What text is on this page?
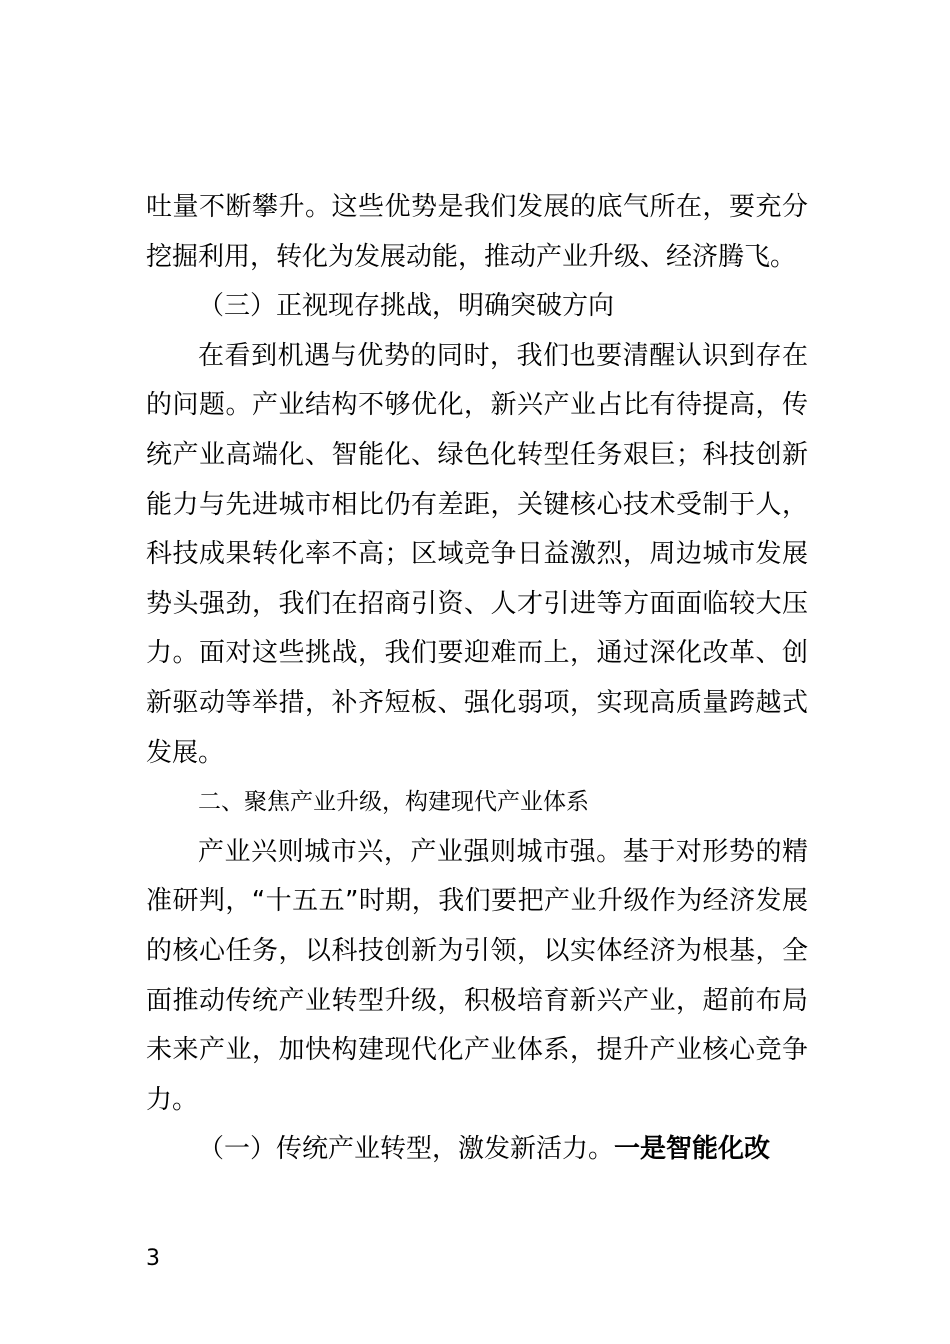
吐量不断攀升。这些优势是我们发展的底气所在，要充分挖掘利用，转化为发展动能，推动产业升级、经济腾飞。

（三）正视现存挑战，明确突破方向

在看到机遇与优势的同时，我们也要清醒认识到存在的问题。产业结构不够优化，新兴产业占比有待提高，传统产业高端化、智能化、绿色化转型任务艰巨；科技创新能力与先进城市相比仍有差距，关键核心技术受制于人，科技成果转化率不高；区域竞争日益激烈，周边城市发展势头强劲，我们在招商引资、人才引进等方面面临较大压力。面对这些挑战，我们要迎难而上，通过深化改革、创新驱动等举措，补齐短板、强化弱项，实现高质量跨越式发展。

二、聚焦产业升级，构建现代产业体系

产业兴则城市兴，产业强则城市强。基于对形势的精准研判，“十五五”时期，我们要把产业升级作为经济发展的核心任务，以科技创新为引领，以实体经济为根基，全面推动传统产业转型升级，积极培育新兴产业，超前布局未来产业，加快构建现代化产业体系，提升产业核心竞争力。

（一）传统产业转型，激发新活力。一是智能化改

3
